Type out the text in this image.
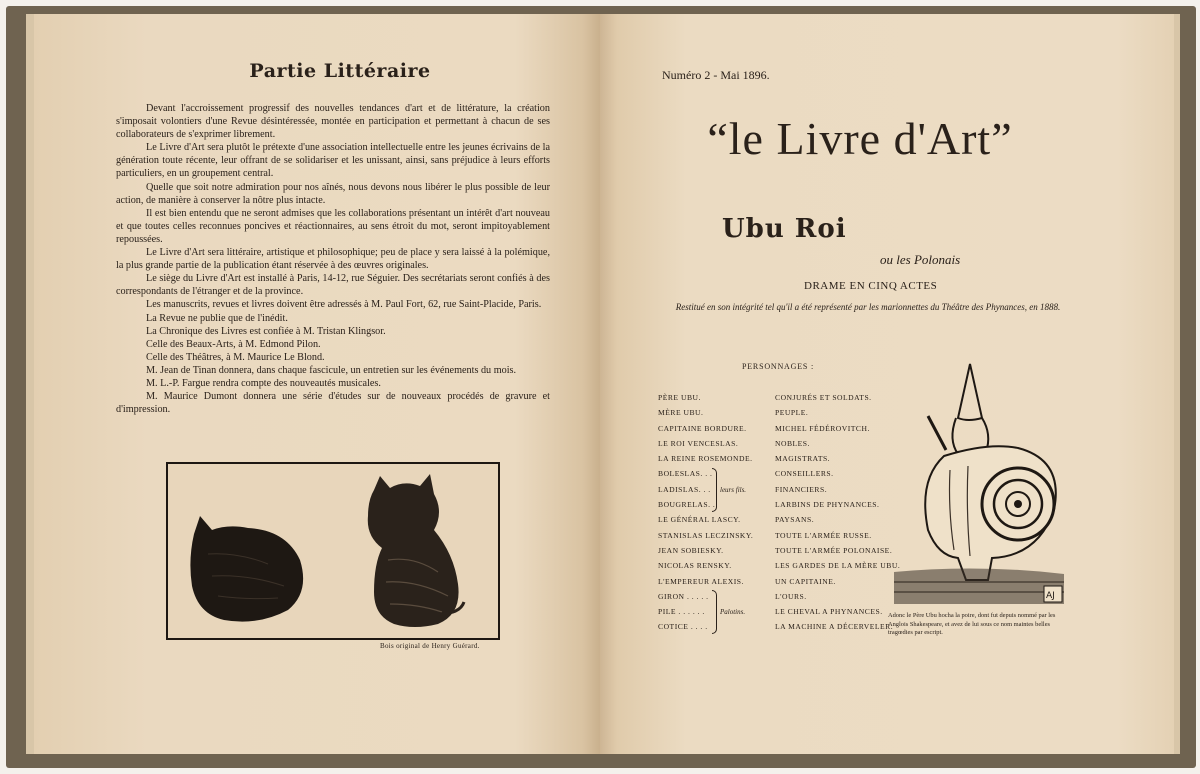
Partie Littéraire

Devant l'accroissement progressif des nouvelles tendances d'art et de littérature, la création s'imposait volontiers d'une Revue désintéressée, montée en participation et permettant à chacun de ses collaborateurs de s'exprimer librement.

Le Livre d'Art sera plutôt le prétexte d'une association intellectuelle entre les jeunes écrivains de la génération toute récente, leur offrant de se solidariser et les unissant, ainsi, sans préjudice à leurs efforts particuliers, en un groupement central.

Quelle que soit notre admiration pour nos aînés, nous devons nous libérer le plus possible de leur action, de manière à conserver la nôtre plus intacte.

Il est bien entendu que ne seront admises que les collaborations présentant un intérêt d'art nouveau et que toutes celles reconnues poncives et réactionnaires, au sens étroit du mot, seront impitoyablement repoussées.

Le Livre d'Art sera littéraire, artistique et philosophique; peu de place y sera laissé à la polémique, la plus grande partie de la publication étant réservée à des œuvres originales.

Le siège du Livre d'Art est installé à Paris, 14-12, rue Séguier. Des secrétariats seront confiés à des correspondants de l'étranger et de la province.

Les manuscrits, revues et livres doivent être adressés à M. Paul Fort, 62, rue Saint-Placide, Paris.

La Revue ne publie que de l'inédit.

La Chronique des Livres est confiée à M. Tristan Klingsor.

Celle des Beaux-Arts, à M. Edmond Pilon.

Celle des Théâtres, à M. Maurice Le Blond.

M. Jean de Tinan donnera, dans chaque fascicule, un entretien sur les événements du mois.

M. L.-P. Fargue rendra compte des nouveautés musicales.

M. Maurice Dumont donnera une série d'études sur de nouveaux procédés de gravure et d'impression.

Bois original de Henry Guérard.
Numéro 2 - Mai 1896.
“le Livre d'Art”
Ubu Roi
ou les Polonais
DRAME EN CINQ ACTES
Restitué en son intégrité tel qu'il a été représenté par les marionnettes du Théâtre des Phynances, en 1888.
PERSONNAGES :
PÈRE UBU.
MÈRE UBU.
CAPITAINE BORDURE.
LE ROI VENCESLAS.
LA REINE ROSEMONDE.
BOLESLAS. . .
LADISLAS. . .
BOUGRELAS. .
LE GÉNÉRAL LASCY.
STANISLAS LECZINSKY.
JEAN SOBIESKY.
NICOLAS RENSKY.
L'EMPEREUR ALEXIS.
GIRON . . . . .
PILE . . . . . .
COTICE . . . .
leurs fils.
Palotins.
CONJURÉS ET SOLDATS.
PEUPLE.
MICHEL FÉDÉROVITCH.
NOBLES.
MAGISTRATS.
CONSEILLERS.
FINANCIERS.
LARBINS DE PHYNANCES.
PAYSANS.
TOUTE L'ARMÉE RUSSE.
TOUTE L'ARMÉE POLONAISE.
LES GARDES DE LA MÈRE UBU.
UN CAPITAINE.
L'OURS.
LE CHEVAL A PHYNANCES.
LA MACHINE A DÉCERVELER.
AJ
Adonc le Père Ubu hocha la poire, dont fut depuis nommé par les Anglois Shakespeare, et avez de lui sous ce nom maintes belles tragœdies par escript.
